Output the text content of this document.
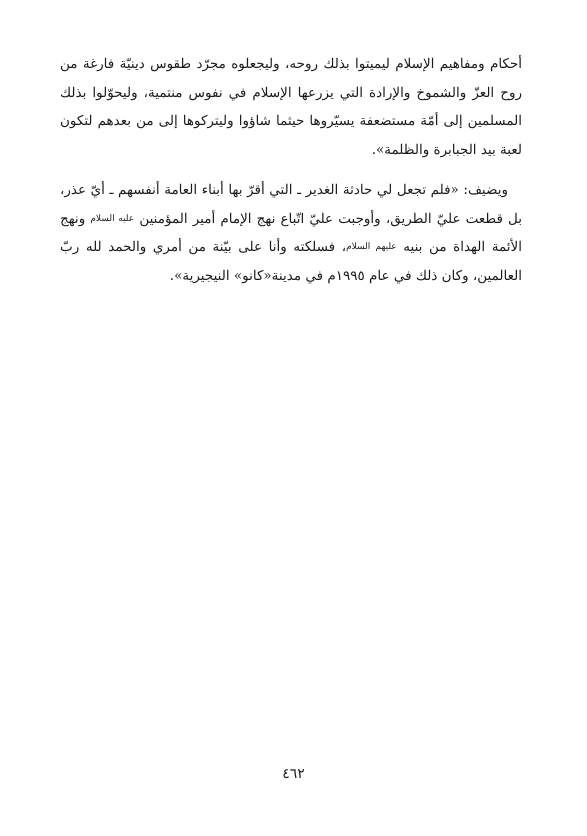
أحكام ومفاهيم الإسلام ليميتوا بذلك روحه، وليجعلوه مجرّد طقوس دينيّة فارغة من روح العزّ والشموخ والإرادة التي يزرعها الإسلام في نفوس منتمية، وليحوّلوا بذلك المسلمين إلى أمّة مستضعفة يسيّروها حيثما شاؤوا وليتركوها إلى من بعدهم لتكون لعبة بيد الجبابرة والظلمة».

ويضيف: «فلم تجعل لي حادثة الغدير ـ التي أقرّ بها أبناء العامة أنفسهم ـ أيّ عذر، بل قطعت عليّ الطريق، وأوجبت عليّ اتّباع نهج الإمام أمير المؤمنين عليه السلام ونهج الأئمة الهداة من بنيه عليهم السلام، فسلكته وأنا على بيّنة من أمري والحمد لله ربّ العالمين، وكان ذلك في عام ١٩٩٥م في مدينة«كانو» النيجيرية».

٤٦٢
